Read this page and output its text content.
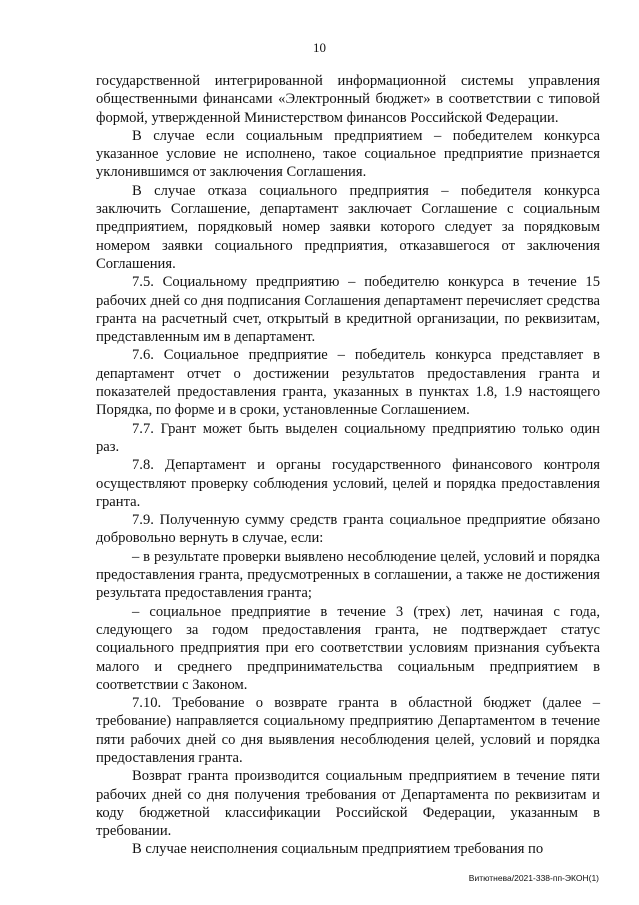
10

государственной интегрированной информационной системы управления общественными финансами «Электронный бюджет» в соответствии с типовой формой, утвержденной Министерством финансов Российской Федерации.

В случае если социальным предприятием – победителем конкурса указанное условие не исполнено, такое социальное предприятие признается уклонившимся от заключения Соглашения.

В случае отказа социального предприятия – победителя конкурса заключить Соглашение, департамент заключает Соглашение с социальным предприятием, порядковый номер заявки которого следует за порядковым номером заявки социального предприятия, отказавшегося от заключения Соглашения.

7.5. Социальному предприятию – победителю конкурса в течение 15 рабочих дней со дня подписания Соглашения департамент перечисляет средства гранта на расчетный счет, открытый в кредитной организации, по реквизитам, представленным им в департамент.

7.6. Социальное предприятие – победитель конкурса представляет в департамент отчет о достижении результатов предоставления гранта и показателей предоставления гранта, указанных в пунктах 1.8, 1.9 настоящего Порядка, по форме и в сроки, установленные Соглашением.

7.7. Грант может быть выделен социальному предприятию только один раз.

7.8. Департамент и органы государственного финансового контроля осуществляют проверку соблюдения условий, целей и порядка предоставления гранта.

7.9. Полученную сумму средств гранта социальное предприятие обязано добровольно вернуть в случае, если:

– в результате проверки выявлено несоблюдение целей, условий и порядка предоставления гранта, предусмотренных в соглашении, а также не достижения результата предоставления гранта;

– социальное предприятие в течение 3 (трех) лет, начиная с года, следующего за годом предоставления гранта, не подтверждает статус социального предприятия при его соответствии условиям признания субъекта малого и среднего предпринимательства социальным предприятием в соответствии с Законом.

7.10. Требование о возврате гранта в областной бюджет (далее – требование) направляется социальному предприятию Департаментом в течение пяти рабочих дней со дня выявления несоблюдения целей, условий и порядка предоставления гранта.

Возврат гранта производится социальным предприятием в течение пяти рабочих дней со дня получения требования от Департамента по реквизитам и коду бюджетной классификации Российской Федерации, указанным в требовании.

В случае неисполнения социальным предприятием требования по

Витютнева/2021-338-пп-ЭКОН(1)
